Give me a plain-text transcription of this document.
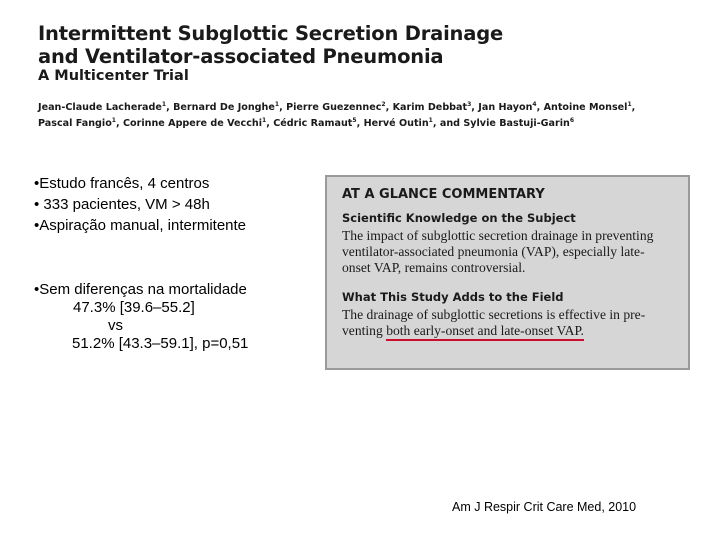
Intermittent Subglottic Secretion Drainage
and Ventilator-associated Pneumonia
A Multicenter Trial
Jean-Claude Lacherade$^1$, Bernard De Jonghe$^1$, Pierre Guezennec$^2$, Karim Debbat$^3$, Jan Hayon$^4$, Antoine Monsel$^1$,
Pascal Fangio$^1$, Corinne Appere de Vecchi$^1$, Cédric Ramaut$^5$, Hervé Outin$^1$, and Sylvie Bastuji-Garin$^6$
•Estudo francês, 4 centros
• 333 pacientes, VM > 48h
•Aspiração manual, intermitente
•Sem diferenças na mortalidade
47.3% [39.6–55.2]
vs
51.2% [43.3–59.1], p=0,51
AT A GLANCE COMMENTARY
Scientific Knowledge on the Subject
The impact of subglottic secretion drainage in preventing
ventilator-associated pneumonia (VAP), especially late-
onset VAP, remains controversial.
What This Study Adds to the Field
The drainage of subglottic secretions is effective in pre-
venting both early-onset and late-onset VAP.
Am J Respir Crit Care Med, 2010
